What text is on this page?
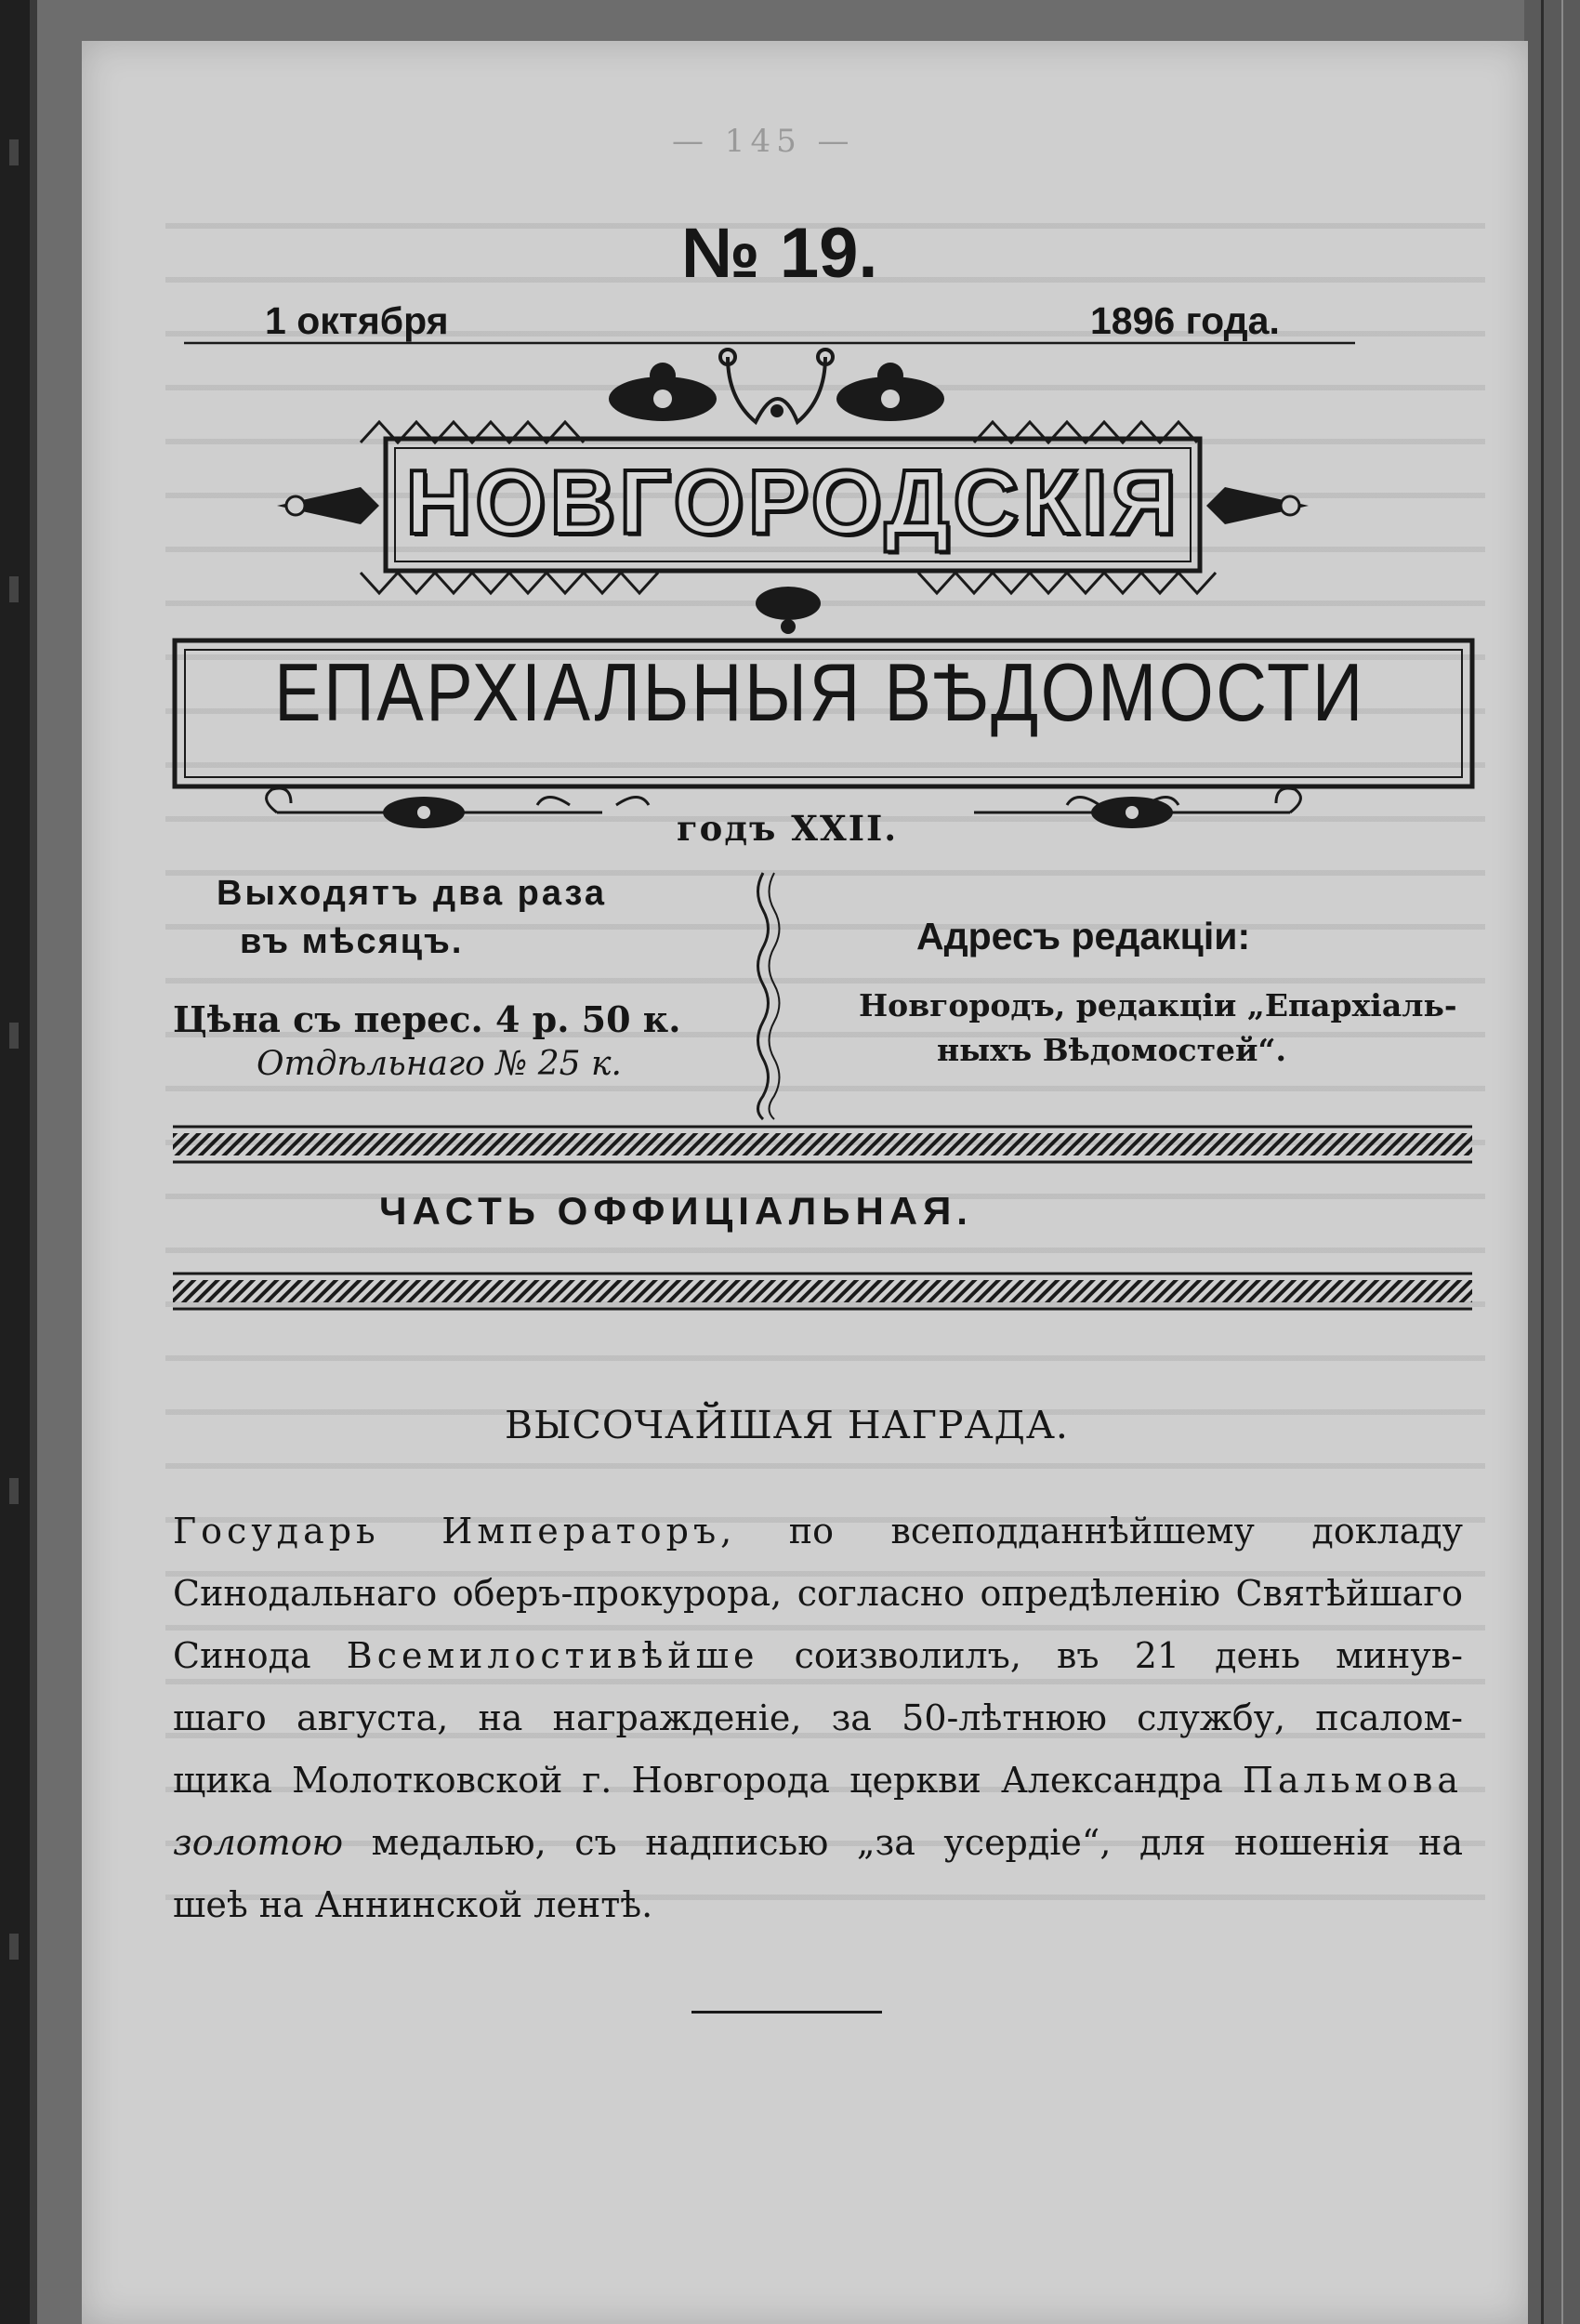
— 145 —
№ 19.
1 октября	1896 года.
НОВГОРОДСКІЯ
ЕПАРХІАЛЬНЫЯ ВѢДОМОСТИ
годъ XXII.
Выходятъ два раза
въ мѣсяцъ.
Цѣна съ перес. 4 р. 50 к.
Отдѣльнаго № 25 к.
Адресъ редакціи:
Новгородъ, редакціи „Епархіаль-
ныхъ Вѣдомостей“.
ЧАСТЬ ОФФИЦІАЛЬНАЯ.
ВЫСОЧАЙШАЯ НАГРАДА.
Государь Императоръ, по всеподданнѣйшему докладу
Синодальнаго оберъ-прокурора, согласно опредѣленію Святѣйшаго
Синода Всемилостивѣйше соизволилъ, въ 21 день минув-
шаго августа, на награжденіе, за 50-лѣтнюю службу, псалом-
щика Молотковской г. Новгорода церкви Александра Пальмова
золотою медалью, съ надписью „за усердіе“, для ношенія на
шеѣ на Аннинской лентѣ.
